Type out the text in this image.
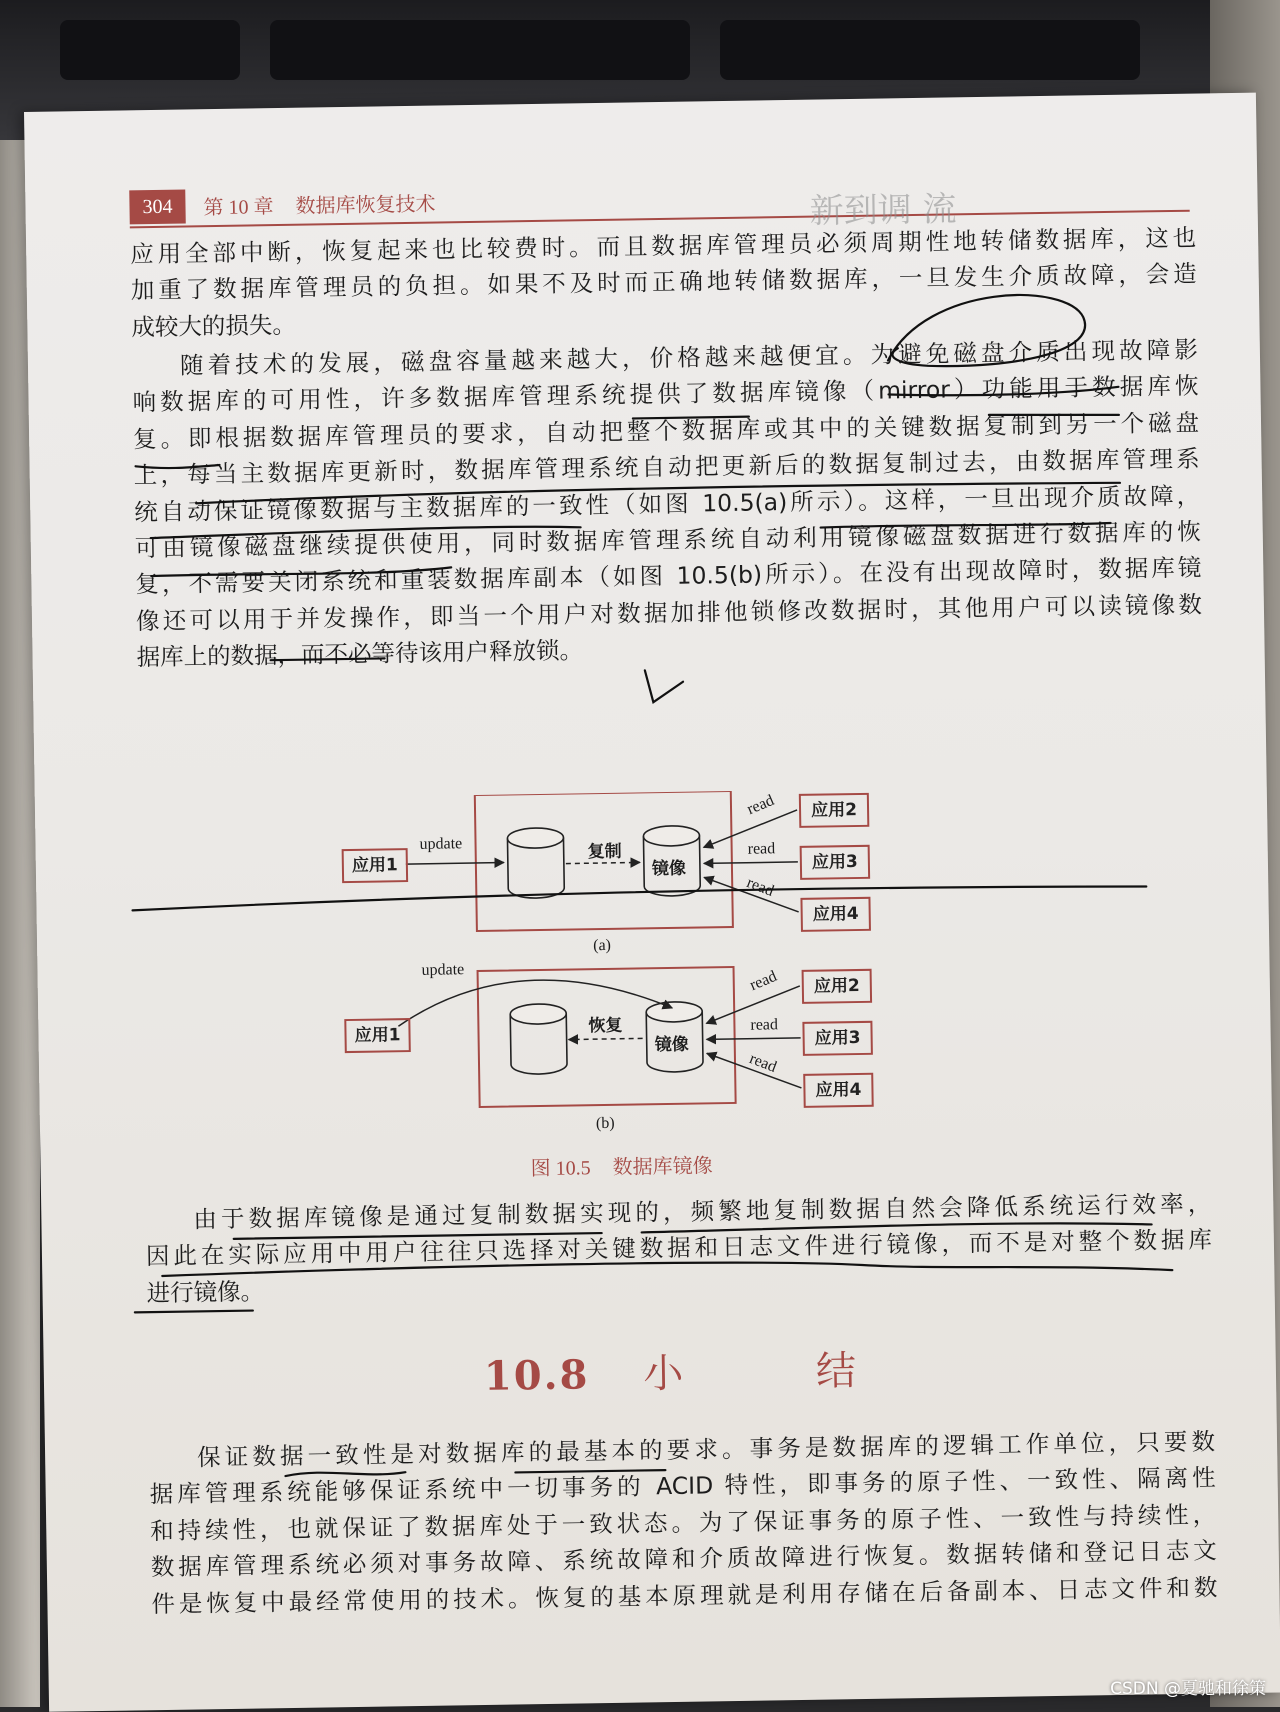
304	第 10 章 数据库恢复技术	新到调 流
应用全部中断，恢复起来也比较费时。而且数据库管理员必须周期性地转储数据库，这也
加重了数据库管理员的负担。如果不及时而正确地转储数据库，一旦发生介质故障，会造
成较大的损失。
随着技术的发展，磁盘容量越来越大，价格越来越便宜。为避免磁盘介质出现故障影
响数据库的可用性，许多数据库管理系统提供了数据库镜像（mirror）功能用于数据库恢
复。即根据数据库管理员的要求，自动把整个数据库或其中的关键数据复制到另一个磁盘
上，每当主数据库更新时，数据库管理系统自动把更新后的数据复制过去，由数据库管理系
统自动保证镜像数据与主数据库的一致性（如图 10.5(a)所示）。这样，一旦出现介质故障，
可由镜像磁盘继续提供使用，同时数据库管理系统自动利用镜像磁盘数据进行数据库的恢
复，不需要关闭系统和重装数据库副本（如图 10.5(b)所示）。在没有出现故障时，数据库镜
像还可以用于并发操作，即当一个用户对数据加排他锁修改数据时，其他用户可以读镜像数
据库上的数据，而不必等待该用户释放锁。
应用1
update	复制
镜像
应用2
应用3
应用4
read
read
read
(a)
应用1
update
恢复
镜像
应用2
应用3
应用4
read
read
read
(b)
图 10.5 数据库镜像
由于数据库镜像是通过复制数据实现的，频繁地复制数据自然会降低系统运行效率，
因此在实际应用中用户往往只选择对关键数据和日志文件进行镜像，而不是对整个数据库
进行镜像。
10.8 小 结
保证数据一致性是对数据库的最基本的要求。事务是数据库的逻辑工作单位，只要数
据库管理系统能够保证系统中一切事务的 ACID 特性，即事务的原子性、一致性、隔离性
和持续性，也就保证了数据库处于一致状态。为了保证事务的原子性、一致性与持续性，
数据库管理系统必须对事务故障、系统故障和介质故障进行恢复。数据转储和登记日志文
件是恢复中最经常使用的技术。恢复的基本原理就是利用存储在后备副本、日志文件和数
CSDN @夏驰和徐策
